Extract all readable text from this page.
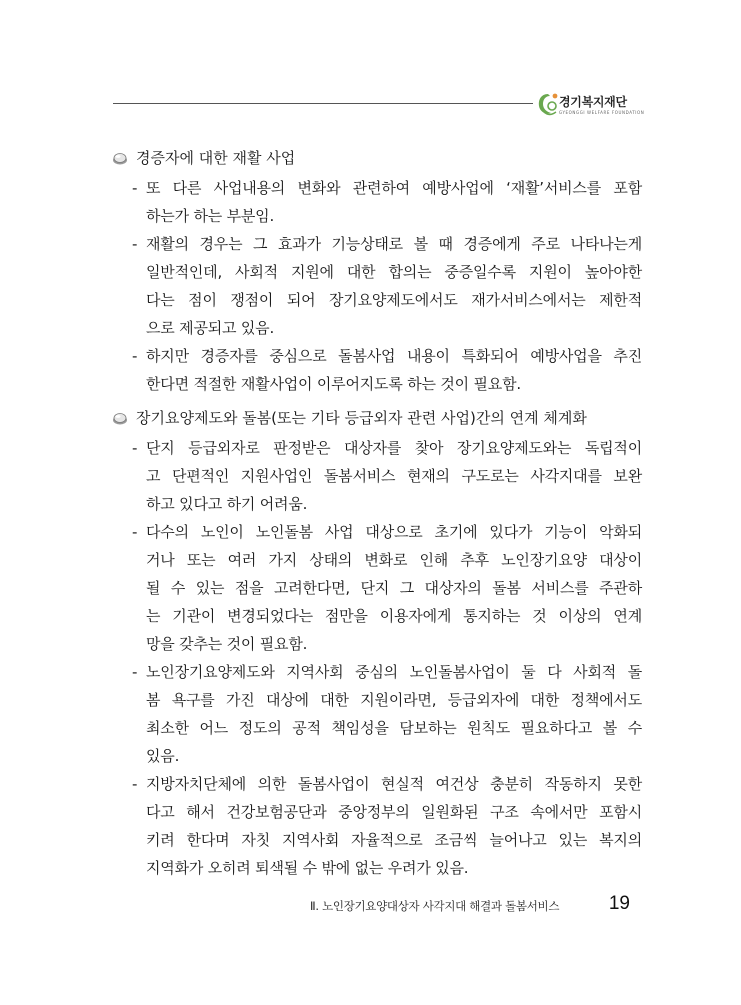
경기복지재단
GYEONGGI WELFARE FOUNDATION
경증자에 대한 재활 사업
- 또 다른 사업내용의 변화와 관련하여 예방사업에 ‘재활’서비스를 포함
하는가 하는 부분임.
- 재활의 경우는 그 효과가 기능상태로 볼 때 경증에게 주로 나타나는게
일반적인데, 사회적 지원에 대한 합의는 중증일수록 지원이 높아야한
다는 점이 쟁점이 되어 장기요양제도에서도 재가서비스에서는 제한적
으로 제공되고 있음.
- 하지만 경증자를 중심으로 돌봄사업 내용이 특화되어 예방사업을 추진
한다면 적절한 재활사업이 이루어지도록 하는 것이 필요함.
장기요양제도와 돌봄(또는 기타 등급외자 관련 사업)간의 연계 체계화
- 단지 등급외자로 판정받은 대상자를 찾아 장기요양제도와는 독립적이
고 단편적인 지원사업인 돌봄서비스 현재의 구도로는 사각지대를 보완
하고 있다고 하기 어려움.
- 다수의 노인이 노인돌봄 사업 대상으로 초기에 있다가 기능이 악화되
거나 또는 여러 가지 상태의 변화로 인해 추후 노인장기요양 대상이
될 수 있는 점을 고려한다면, 단지 그 대상자의 돌봄 서비스를 주관하
는 기관이 변경되었다는 점만을 이용자에게 통지하는 것 이상의 연계
망을 갖추는 것이 필요함.
- 노인장기요양제도와 지역사회 중심의 노인돌봄사업이 둘 다 사회적 돌
봄 욕구를 가진 대상에 대한 지원이라면, 등급외자에 대한 정책에서도
최소한 어느 정도의 공적 책임성을 담보하는 원칙도 필요하다고 볼 수
있음.
- 지방자치단체에 의한 돌봄사업이 현실적 여건상 충분히 작동하지 못한
다고 해서 건강보험공단과 중앙정부의 일원화된 구조 속에서만 포함시
키려 한다며 자칫 지역사회 자율적으로 조금씩 늘어나고 있는 복지의
지역화가 오히려 퇴색될 수 밖에 없는 우려가 있음.
Ⅱ. 노인장기요양대상자 사각지대 해결과 돌봄서비스	19
